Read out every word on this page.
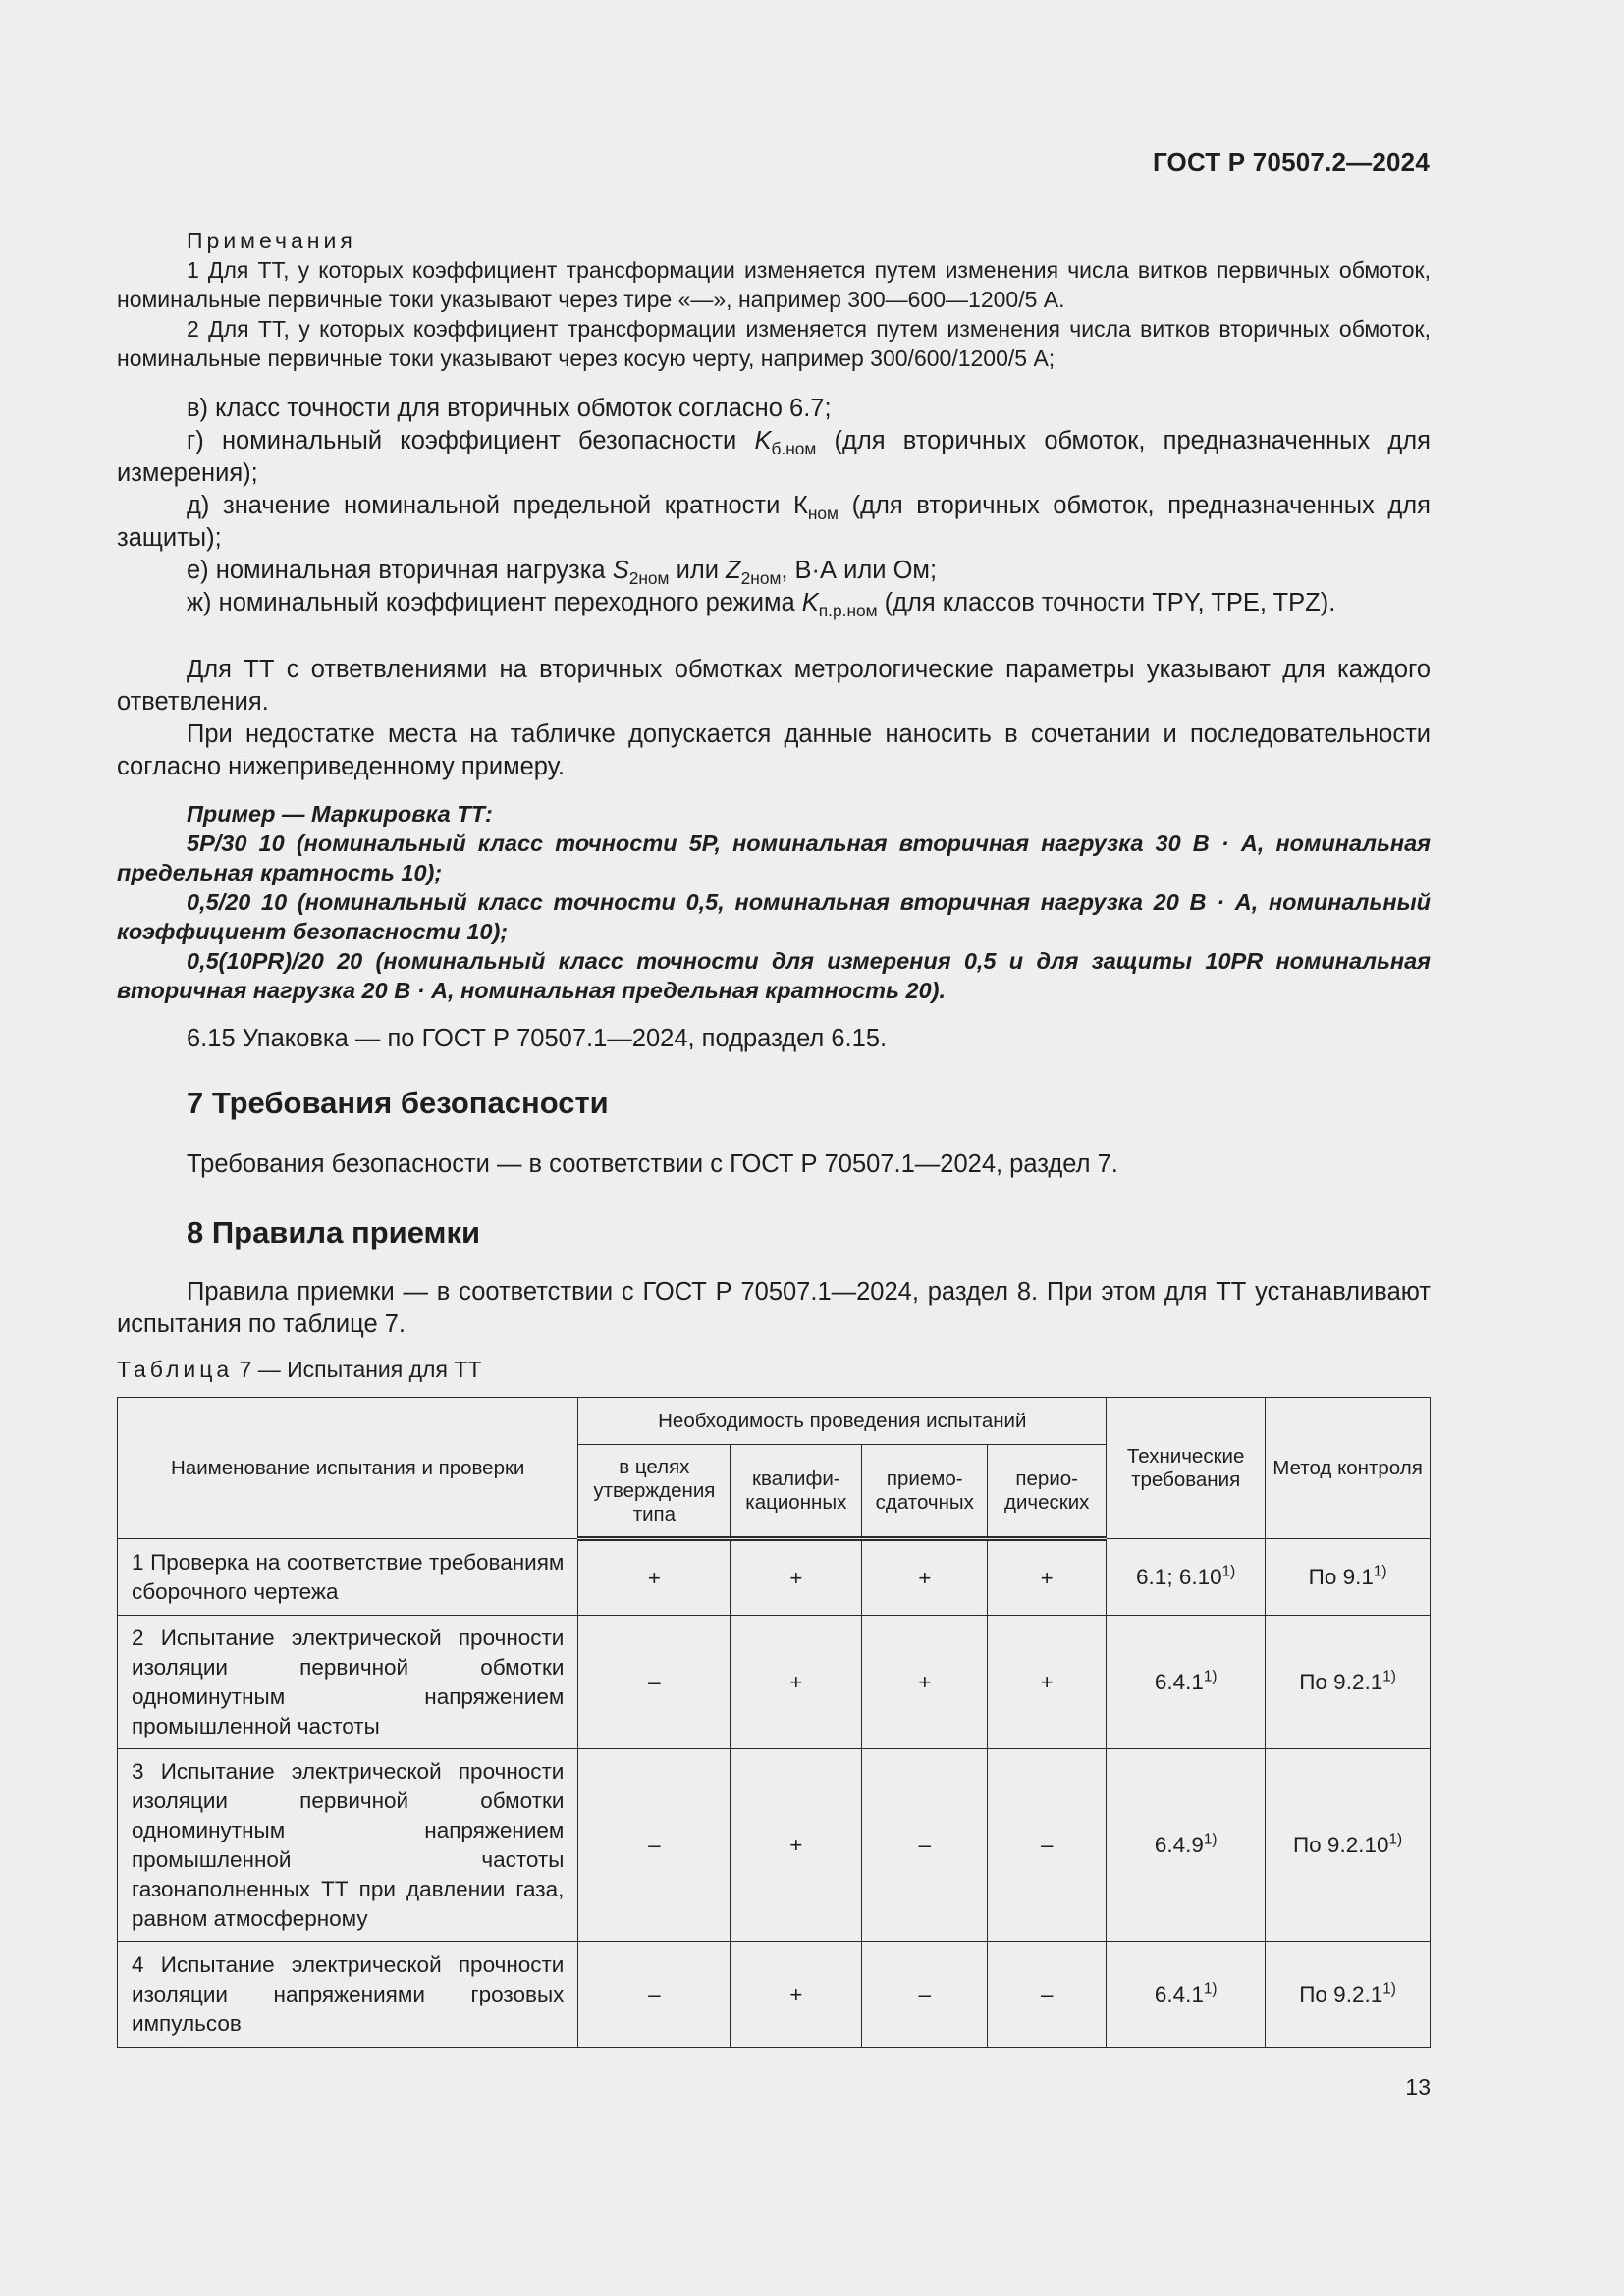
ГОСТ Р 70507.2—2024
Примечания
1 Для ТТ, у которых коэффициент трансформации изменяется путем изменения числа витков первичных обмоток, номинальные первичные токи указывают через тире «—», например 300—600—1200/5 А.
2 Для ТТ, у которых коэффициент трансформации изменяется путем изменения числа витков вторичных обмоток, номинальные первичные токи указывают через косую черту, например 300/600/1200/5 А;
в) класс точности для вторичных обмоток согласно 6.7;
г) номинальный коэффициент безопасности $K_{б.ном}$ (для вторичных обмоток, предназначенных для измерения);
д) значение номинальной предельной кратности $К_{ном}$ (для вторичных обмоток, предназначенных для защиты);
е) номинальная вторичная нагрузка $S_{2ном}$ или $Z_{2ном}$, В·А или Ом;
ж) номинальный коэффициент переходного режима $K_{п.р.ном}$ (для классов точности TPY, TPE, TPZ).
Для ТТ с ответвлениями на вторичных обмотках метрологические параметры указывают для каждого ответвления.
При недостатке места на табличке допускается данные наносить в сочетании и последовательности согласно нижеприведенному примеру.
Пример — Маркировка ТТ:
5P/30 10 (номинальный класс точности 5P, номинальная вторичная нагрузка 30 В · А, номинальная предельная кратность 10);
0,5/20 10 (номинальный класс точности 0,5, номинальная вторичная нагрузка 20 В · А, номинальный коэффициент безопасности 10);
0,5(10PR)/20 20 (номинальный класс точности для измерения 0,5 и для защиты 10PR номинальная вторичная нагрузка 20 В · А, номинальная предельная кратность 20).
6.15 Упаковка — по ГОСТ Р 70507.1—2024, подраздел 6.15.
7 Требования безопасности
Требования безопасности — в соответствии с ГОСТ Р 70507.1—2024, раздел 7.
8 Правила приемки
Правила приемки — в соответствии с ГОСТ Р 70507.1—2024, раздел 8. При этом для ТТ устанавливают испытания по таблице 7.
Таблица 7 — Испытания для ТТ
Наименование испытания и проверки	Необходимость проведения испытаний				Технические требования	Метод контроля
	в целях утверждения типа	квалифи-кационных	приемо-сдаточных	перио-дических		
1 Проверка на соответствие требованиям сборочного чертежа	+	+	+	+	6.1; 6.10$^{1)}$	По 9.1$^{1)}$
2 Испытание электрической прочности изоляции первичной обмотки одноминутным напряжением промышленной частоты	–	+	+	+	$6.4.1^{1)}$	По 9.2.1$^{1)}$
3 Испытание электрической прочности изоляции первичной обмотки одноминутным напряжением промышленной частоты газонаполненных ТТ при давлении газа, равном атмосферному	–	+	–	–	6.4.9$^{1)}$	По 9.2.10$^{1)}$
4 Испытание электрической прочности изоляции напряжениями грозовых импульсов	–	+	–	–	6.4.1$^{1)}$	По 9.2.1$^{1)}$
13
